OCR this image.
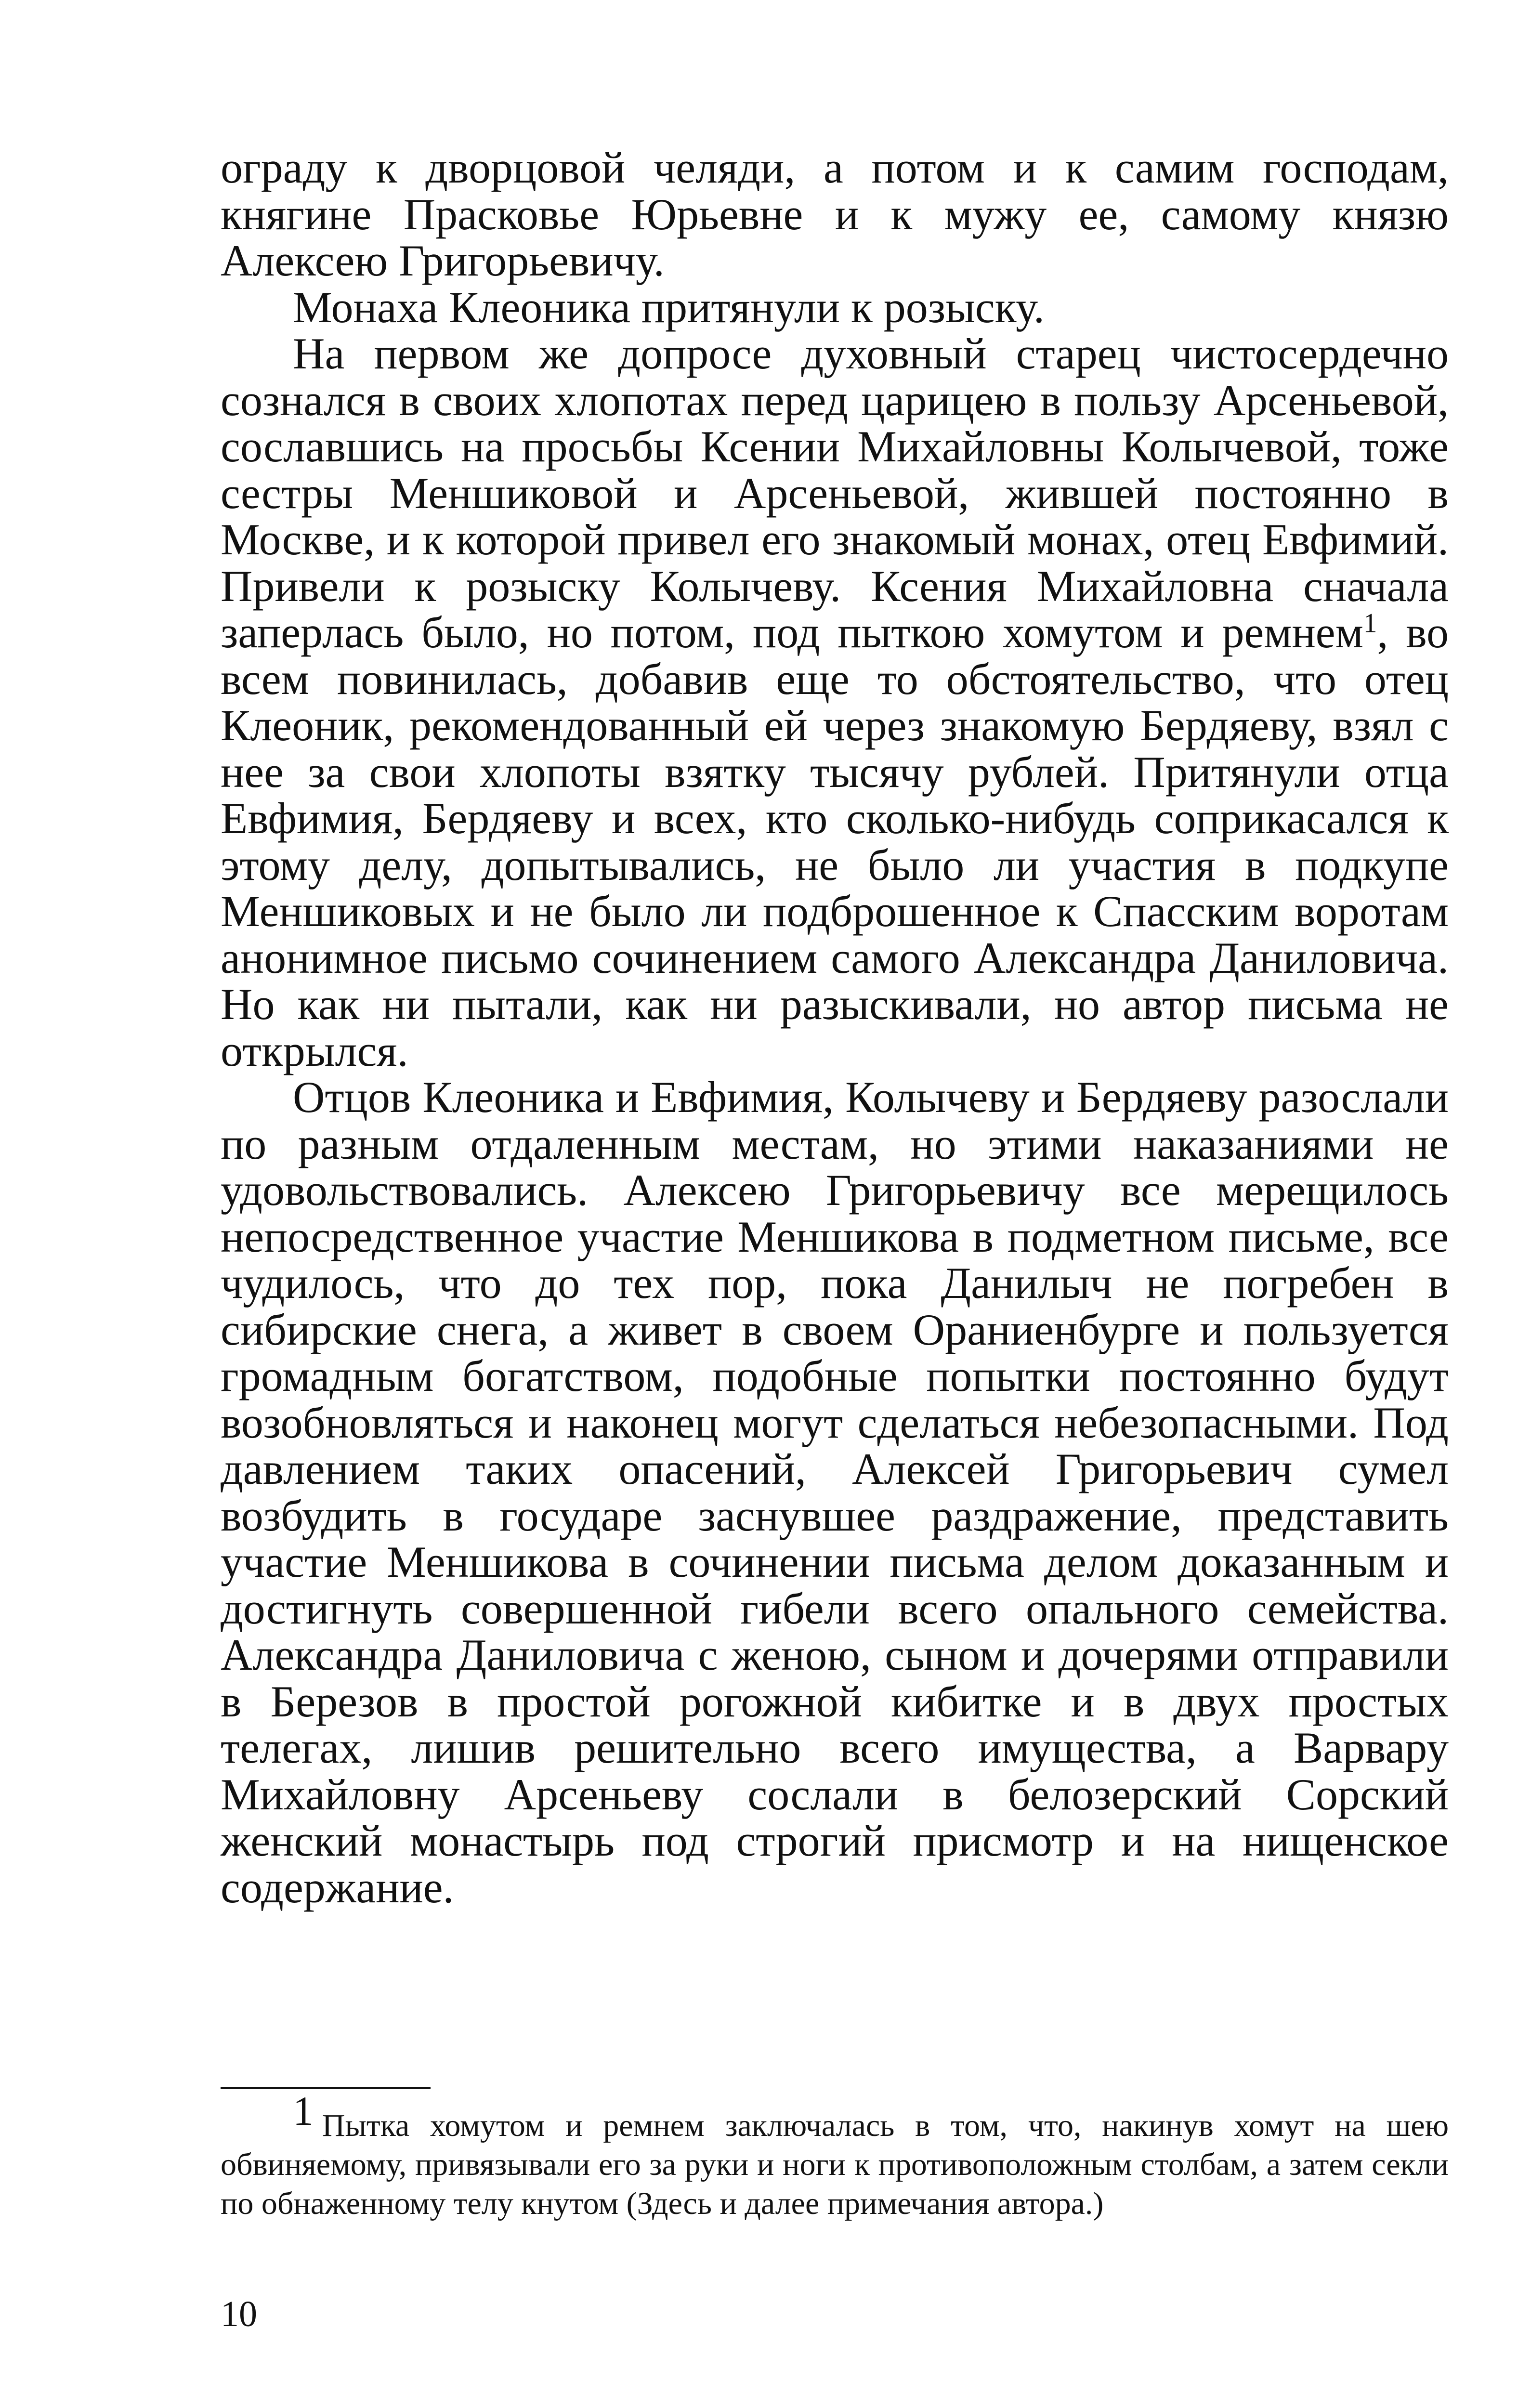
ограду к дворцовой челяди, а потом и к самим господам, княгине Прасковье Юрьевне и к мужу ее, самому князю Алексею Григорьевичу.

Монаха Клеоника притянули к розыску.

На первом же допросе духовный старец чистосердечно сознался в своих хлопотах перед царицею в пользу Арсеньевой, сославшись на просьбы Ксении Михайловны Колычевой, тоже сестры Меншиковой и Арсеньевой, жившей постоянно в Москве, и к которой привел его знакомый монах, отец Евфимий. Привели к розыску Колычеву. Ксения Михайловна сначала заперлась было, но потом, под пыткою хомутом и ремнем$^1$, во всем повинилась, добавив еще то обстоятельство, что отец Клеоник, рекомендованный ей через знакомую Бердяеву, взял с нее за свои хлопоты взятку тысячу рублей. Притянули отца Евфимия, Бердяеву и всех, кто сколько-нибудь соприкасался к этому делу, допытывались, не было ли участия в подкупе Меншиковых и не было ли подброшенное к Спасским воротам анонимное письмо сочинением самого Александра Даниловича. Но как ни пытали, как ни разыскивали, но автор письма не открылся.

Отцов Клеоника и Евфимия, Колычеву и Бердяеву разослали по разным отдаленным местам, но этими наказаниями не удовольствовались. Алексею Григорьевичу все мерещилось непосредственное участие Меншикова в подметном письме, все чудилось, что до тех пор, пока Данилыч не погребен в сибирские снега, а живет в своем Ораниенбурге и пользуется громадным богатством, подобные попытки постоянно будут возобновляться и наконец могут сделаться небезопасными. Под давлением таких опасений, Алексей Григорьевич сумел возбудить в государе заснувшее раздражение, представить участие Меншикова в сочинении письма делом доказанным и достигнуть совершенной гибели всего опального семейства. Александра Даниловича с женою, сыном и дочерями отправили в Березов в простой рогожной кибитке и в двух простых телегах, лишив решительно всего имущества, а Варвару Михайловну Арсеньеву сослали в белозерский Сорский женский монастырь под строгий присмотр и на нищенское содержание.

1 Пытка хомутом и ремнем заключалась в том, что, накинув хомут на шею обвиняемому, привязывали его за руки и ноги к противоположным столбам, а затем секли по обнаженному телу кнутом (Здесь и далее примечания автора.)

10
